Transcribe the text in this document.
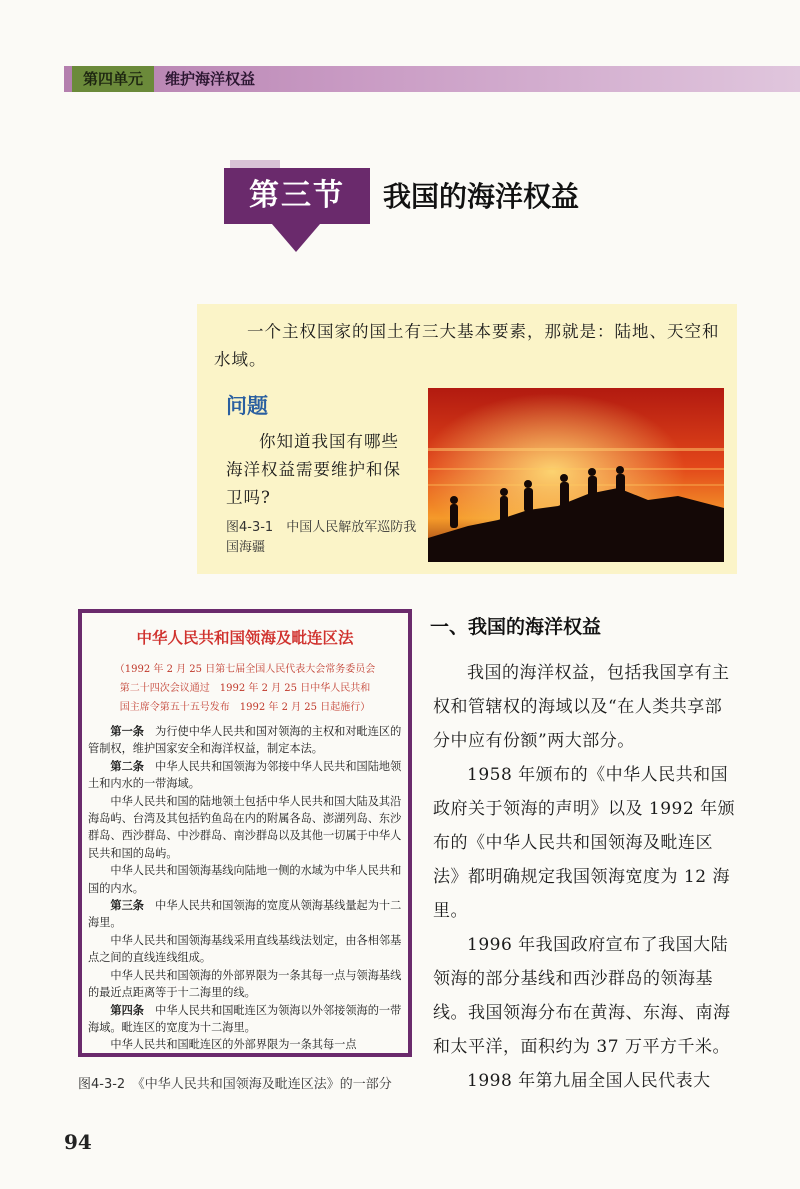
第四单元	维护海洋权益
第三节	我国的海洋权益
一个主权国家的国土有三大基本要素，那就是：陆地、天空和水域。
问题
你知道我国有哪些海洋权益需要维护和保卫吗?
图4-3-1　中国人民解放军巡防我国海疆
中华人民共和国领海及毗连区法
（1992 年 2 月 25 日第七届全国人民代表大会常务委员会
第二十四次会议通过　1992 年 2 月 25 日中华人民共和
国主席令第五十五号发布　1992 年 2 月 25 日起施行）

第一条　 为行使中华人民共和国对领海的主权和对毗连区的管制权，维护国家安全和海洋权益，制定本法。

第二条　 中华人民共和国领海为邻接中华人民共和国陆地领土和内水的一带海域。

中华人民共和国的陆地领土包括中华人民共和国大陆及其沿海岛屿、台湾及其包括钓鱼岛在内的附属各岛、澎湖列岛、东沙群岛、西沙群岛、中沙群岛、南沙群岛以及其他一切属于中华人民共和国的岛屿。

中华人民共和国领海基线向陆地一侧的水域为中华人民共和国的内水。

第三条　 中华人民共和国领海的宽度从领海基线量起为十二海里。

中华人民共和国领海基线采用直线基线法划定，由各相邻基点之间的直线连线组成。

中华人民共和国领海的外部界限为一条其每一点与领海基线的最近点距离等于十二海里的线。

第四条　 中华人民共和国毗连区为领海以外邻接领海的一带海域。毗连区的宽度为十二海里。

中华人民共和国毗连区的外部界限为一条其每一点

图4-3-2　《中华人民共和国领海及毗连区法》的一部分
一、我国的海洋权益

我国的海洋权益，包括我国享有主权和管辖权的海域以及“在人类共享部分中应有份额”两大部分。

1958 年颁布的《中华人民共和国政府关于领海的声明》以及 1992 年颁布的《中华人民共和国领海及毗连区法》都明确规定我国领海宽度为 12 海里。

1996 年我国政府宣布了我国大陆领海的部分基线和西沙群岛的领海基线。我国领海分布在黄海、东海、南海和太平洋，面积约为 37 万平方千米。

1998 年第九届全国人民代表大

94
